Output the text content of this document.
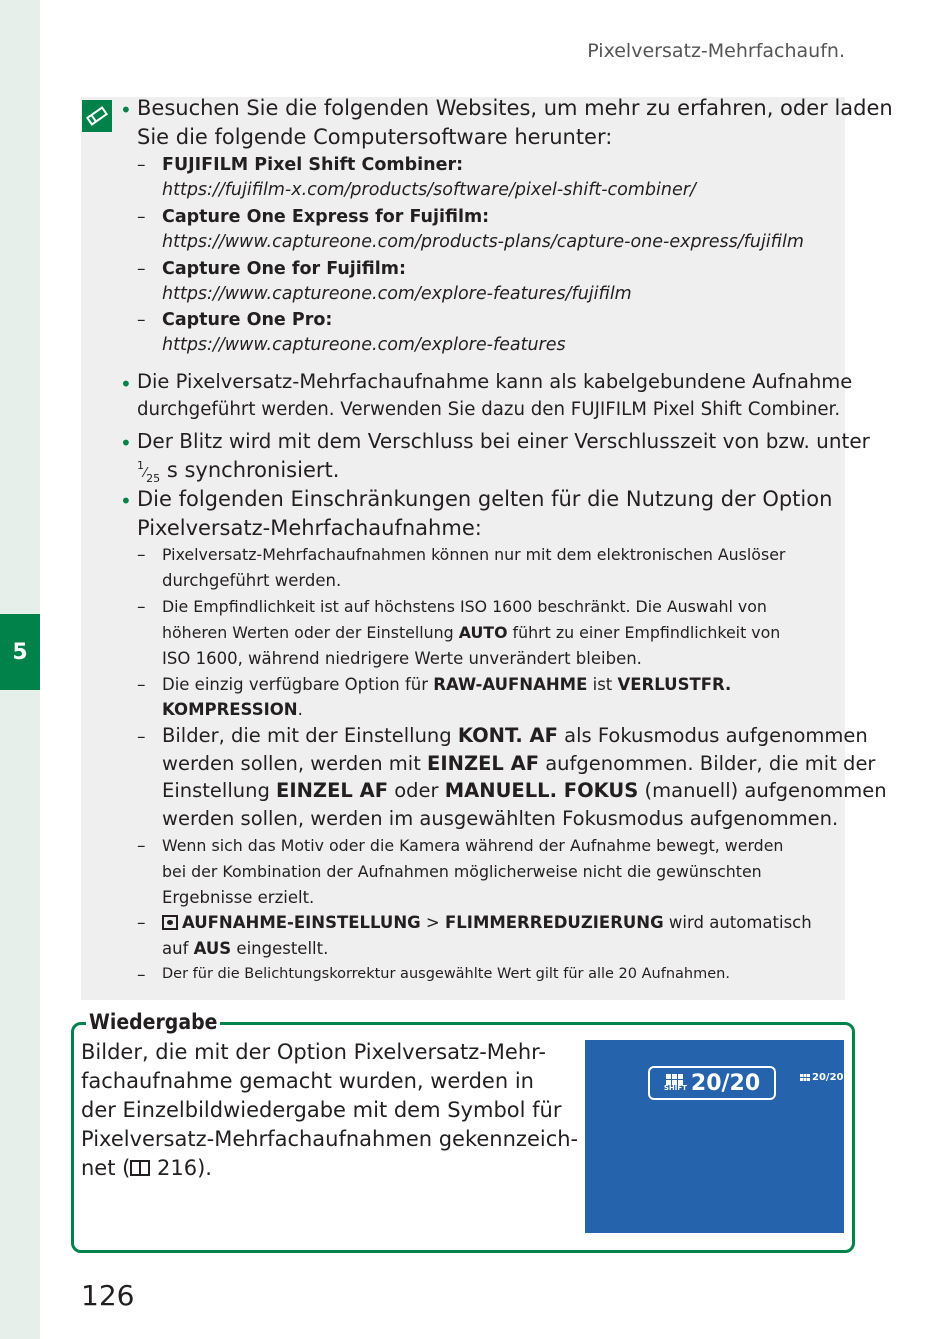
5
Pixelversatz-Mehrfachaufn.
• Besuchen Sie die folgenden Websites, um mehr zu erfahren, oder laden
Sie die folgende Computersoftware herunter:
– FUJIFILM Pixel Shift Combiner:
https://fujifilm-x.com/products/software/pixel-shift-combiner/
– Capture One Express for Fujifilm:
https://www.captureone.com/products-plans/capture-one-express/fujifilm
– Capture One for Fujifilm:
https://www.captureone.com/explore-features/fujifilm
– Capture One Pro:
https://www.captureone.com/explore-features
• Die Pixelversatz-Mehrfachaufnahme kann als kabelgebundene Aufnahme
durchgeführt werden. Verwenden Sie dazu den FUJIFILM Pixel Shift Combiner.
• Der Blitz wird mit dem Verschluss bei einer Verschlusszeit von bzw. unter
$^1⁄_{25}$ s synchronisiert.
• Die folgenden Einschränkungen gelten für die Nutzung der Option
Pixelversatz-Mehrfachaufnahme:
– Pixelversatz-Mehrfachaufnahmen können nur mit dem elektronischen Auslöser
durchgeführt werden.
– Die Empfindlichkeit ist auf höchstens ISO 1600 beschränkt. Die Auswahl von
höheren Werten oder der Einstellung AUTO führt zu einer Empfindlichkeit von
ISO 1600, während niedrigere Werte unverändert bleiben.
– Die einzig verfügbare Option für RAW-AUFNAHME ist VERLUSTFR.
KOMPRESSION.
– Bilder, die mit der Einstellung KONT. AF als Fokusmodus aufgenommen
werden sollen, werden mit EINZEL AF aufgenommen. Bilder, die mit der
Einstellung EINZEL AF oder MANUELL. FOKUS (manuell) aufgenommen
werden sollen, werden im ausgewählten Fokusmodus aufgenommen.
– Wenn sich das Motiv oder die Kamera während der Aufnahme bewegt, werden
bei der Kombination der Aufnahmen möglicherweise nicht die gewünschten
Ergebnisse erzielt.
–	AUFNAHME-EINSTELLUNG > FLIMMERREDUZIERUNG wird automatisch
auf AUS eingestellt.
– Der für die Belichtungskorrektur ausgewählte Wert gilt für alle 20 Aufnahmen.
Wiedergabe
Bilder, die mit der Option Pixelversatz-Mehr-
fachaufnahme gemacht wurden, werden in
der Einzelbildwiedergabe mit dem Symbol für
Pixelversatz-Mehrfachaufnahmen gekennzeich-
net (
216).
SHIFT 20/20	20/20
126
